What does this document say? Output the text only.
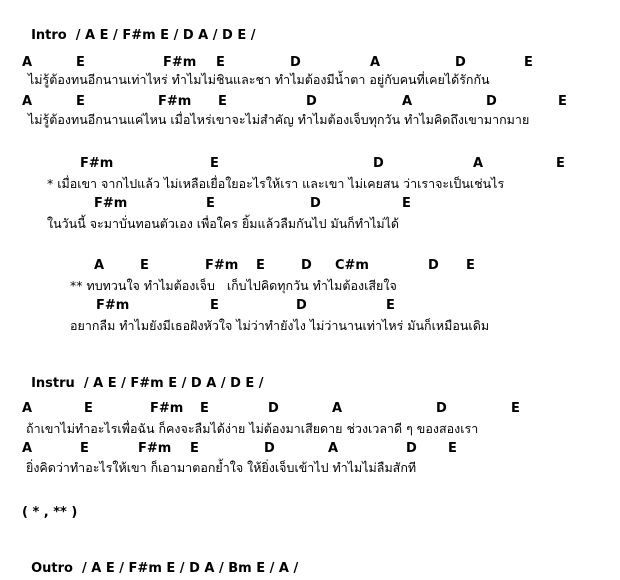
Intro / A E / F#m E / D A / D E /

A	E	F#m E	D	A	D	E
ไม่รู้ต้องทนอีกนานเท่าไหร่ ทำไมไม่ชินและชา ทำไมต้องมีน้ำตา อยู่กับคนที่เคยได้รักกัน
A	E	F#m E	D	A	D	E
ไม่รู้ต้องทนอีกนานแค่ไหน เมื่อไหร่เขาจะไม่สำคัญ ทำไมต้องเจ็บทุกวัน ทำไมคิดถึงเขามากมาย
F#m	E	D	A	E
* เมื่อเขา จากไปแล้ว ไม่เหลือเยื่อใยอะไรให้เรา และเขา ไม่เคยสน ว่าเราจะเป็นเช่นไร
F#m	E	D	E
ในวันนี้ จะมาบั่นทอนตัวเอง เพื่อใคร ยิ้มแล้วลืมกันไป มันก็ทำไม่ได้
A	E	F#m E	D C#m	D E
** ทบทวนใจ ทำไมต้องเจ็บ   เก็บไปคิดทุกวัน ทำไมต้องเสียใจ
F#m	E	D	E
อยากลืม ทำไมยังมีเธอฝังหัวใจ ไม่ว่าทำยังไง ไม่ว่านานเท่าไหร่ มันก็เหมือนเดิม

Instru / A E / F#m E / D A / D E /

A	E	F#m E	D	A	D	E
ถ้าเขาไม่ทำอะไรเพื่อฉัน ก็คงจะลืมได้ง่าย ไม่ต้องมาเสียดาย ช่วงเวลาดี ๆ ของสองเรา
A	E	F#m E	D	A	D E
ยิ่งคิดว่าทำอะไรให้เขา ก็เอามาตอกย้ำใจ ให้ยิ่งเจ็บเข้าไป ทำไมไม่ลืมสักที
( * , ** )

Outro / A E / F#m E / D A / Bm E / A /
